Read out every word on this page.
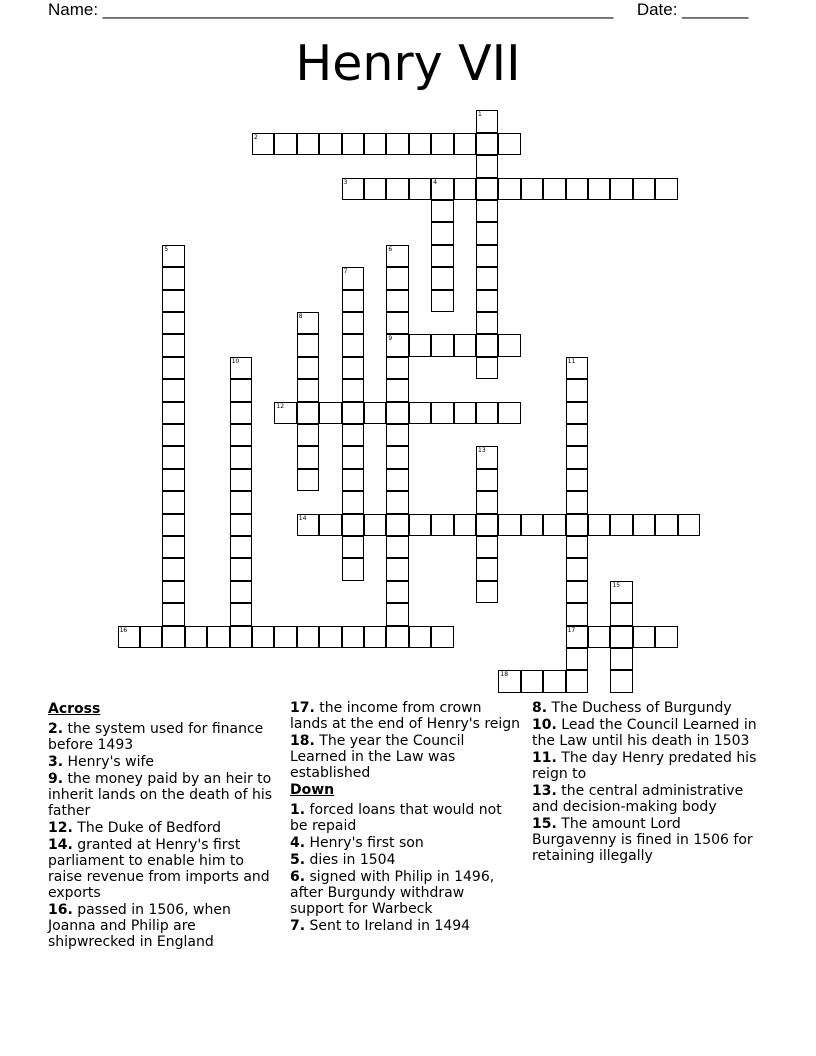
Name: ______________________________________________________ Date: _______
Henry VII
1
2
3	4
5	6
9
7
8
10	11
17
12
13
14
15
16
18
Across
2. the system used for finance before 1493
3. Henry's wife
9. the money paid by an heir to inherit lands on the death of his father
12. The Duke of Bedford
14. granted at Henry's first parliament to enable him to raise revenue from imports and exports
16. passed in 1506, when Joanna and Philip are shipwrecked in England
17. the income from crown lands at the end of Henry's reign
18. The year the Council Learned in the Law was established
Down
1. forced loans that would not be repaid
4. Henry's first son
5. dies in 1504
6. signed with Philip in 1496, after Burgundy withdraw support for Warbeck
7. Sent to Ireland in 1494
8. The Duchess of Burgundy
10. Lead the Council Learned in the Law until his death in 1503
11. The day Henry predated his reign to
13. the central administrative and decision-making body
15. The amount Lord Burgavenny is fined in 1506 for retaining illegally
